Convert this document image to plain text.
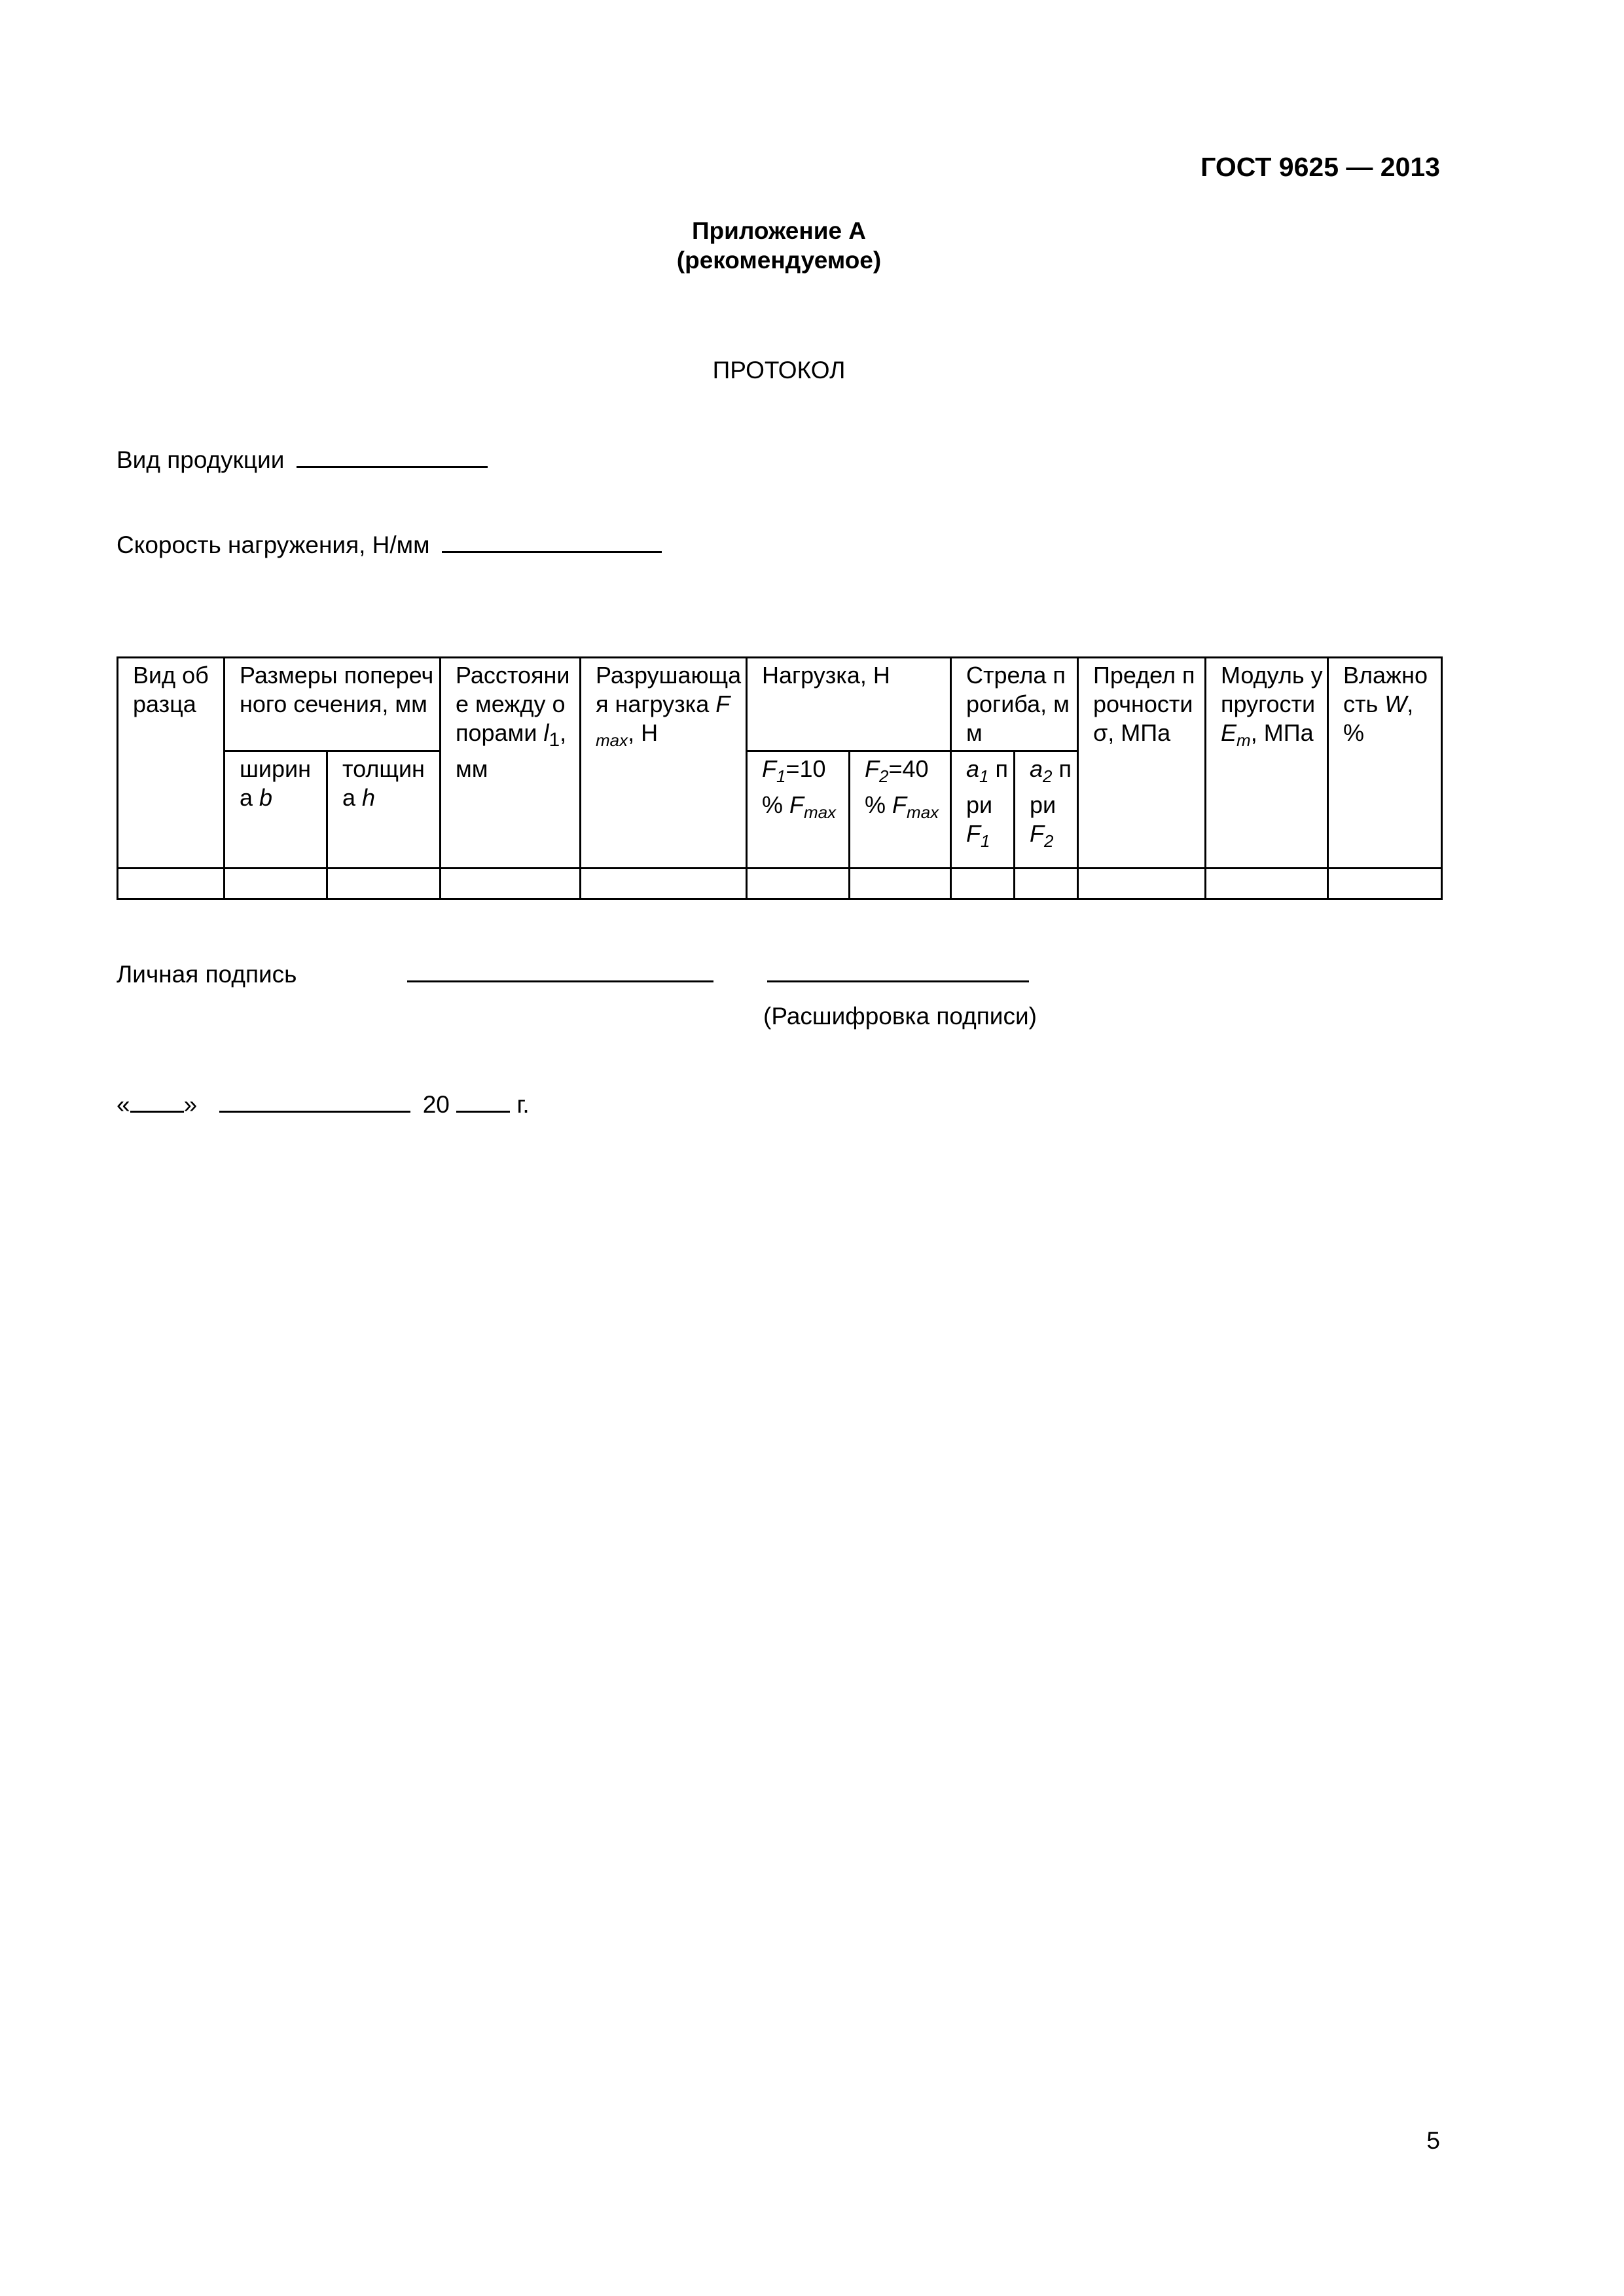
ГОСТ 9625 — 2013
Приложение А
(рекомендуемое)
ПРОТОКОЛ
Вид продукции
Скорость нагружения, Н/мм
Вид образца	Размеры поперечного сечения, мм		Расстояние между опорами $l_1$, мм	Разрушающая нагрузка $F_{max}$, Н	Нагрузка, Н		Стрела прогиба, мм		Предел прочности σ, МПа	Модуль упругости $E_m$, МПа	Влажность W, %
	ширина b	толщина h			$F_1=10$ % $F_{max}$	$F_2=40$ % $F_{max}$	$a_1$ при $F_1$	$a_2$ при $F_2$

Личная подпись
(Расшифровка подписи)
« »	20	г.
5
